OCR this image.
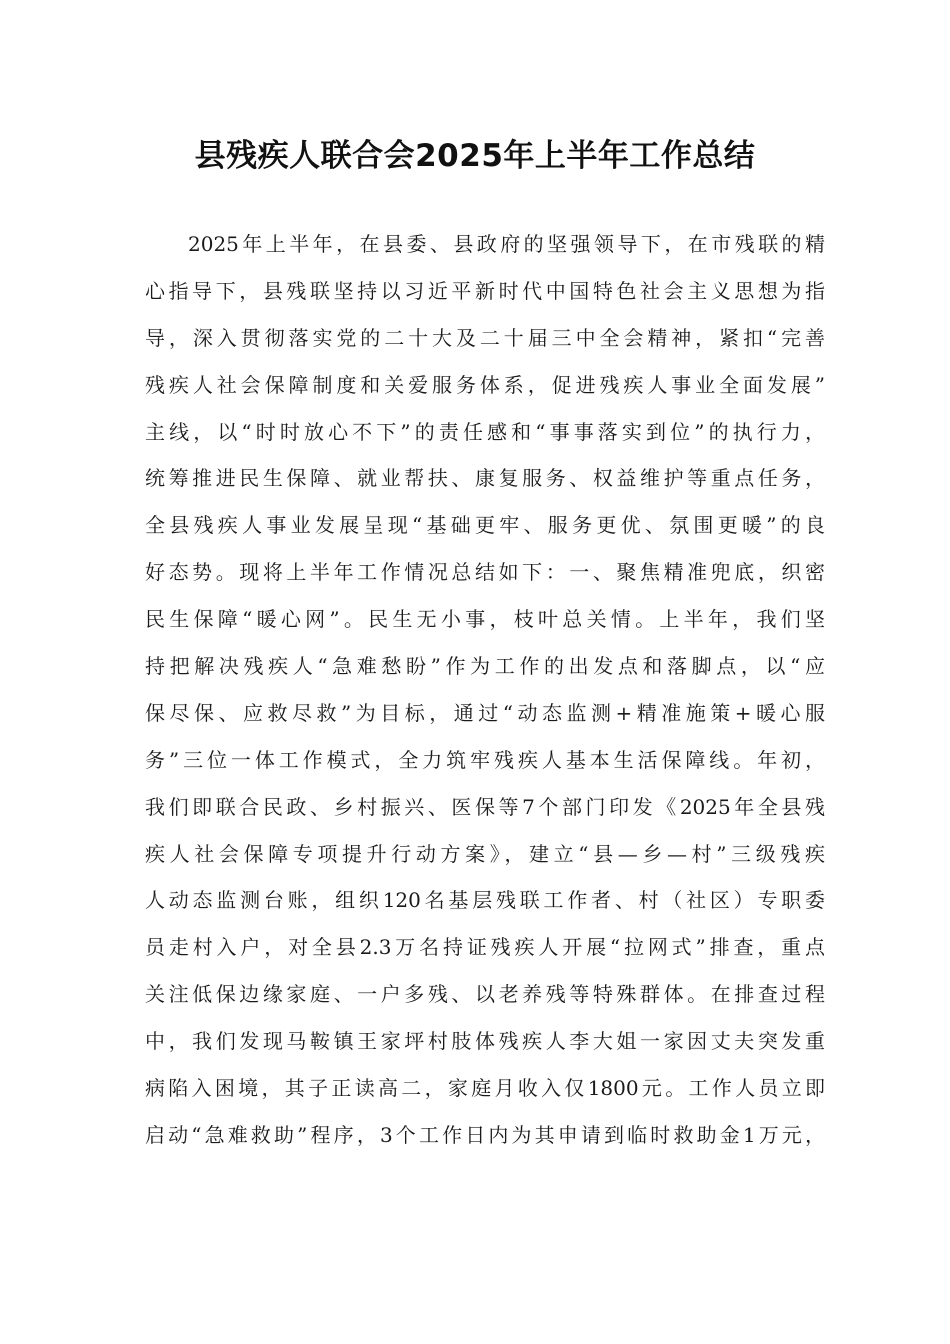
县残疾人联合会2025年上半年工作总结
2025年上半年，在县委、县政府的坚强领导下，在市残联的精
心指导下，县残联坚持以习近平新时代中国特色社会主义思想为指
导，深入贯彻落实党的二十大及二十届三中全会精神，紧扣“完善
残疾人社会保障制度和关爱服务体系，促进残疾人事业全面发展”
主线，以“时时放心不下”的责任感和“事事落实到位”的执行力，
统筹推进民生保障、就业帮扶、康复服务、权益维护等重点任务，
全县残疾人事业发展呈现“基础更牢、服务更优、氛围更暖”的良
好态势。现将上半年工作情况总结如下：一、聚焦精准兜底，织密
民生保障“暖心网”。民生无小事，枝叶总关情。上半年，我们坚
持把解决残疾人“急难愁盼”作为工作的出发点和落脚点，以“应
保尽保、应救尽救”为目标，通过“动态监测+精准施策+暖心服
务”三位一体工作模式，全力筑牢残疾人基本生活保障线。年初，
我们即联合民政、乡村振兴、医保等7个部门印发《2025年全县残
疾人社会保障专项提升行动方案》，建立“县—乡—村”三级残疾
人动态监测台账，组织120名基层残联工作者、村（社区）专职委
员走村入户，对全县2.3万名持证残疾人开展“拉网式”排查，重点
关注低保边缘家庭、一户多残、以老养残等特殊群体。在排查过程
中，我们发现马鞍镇王家坪村肢体残疾人李大姐一家因丈夫突发重
病陷入困境，其子正读高二，家庭月收入仅1800元。工作人员立即
启动“急难救助”程序，3个工作日内为其申请到临时救助金1万元，
